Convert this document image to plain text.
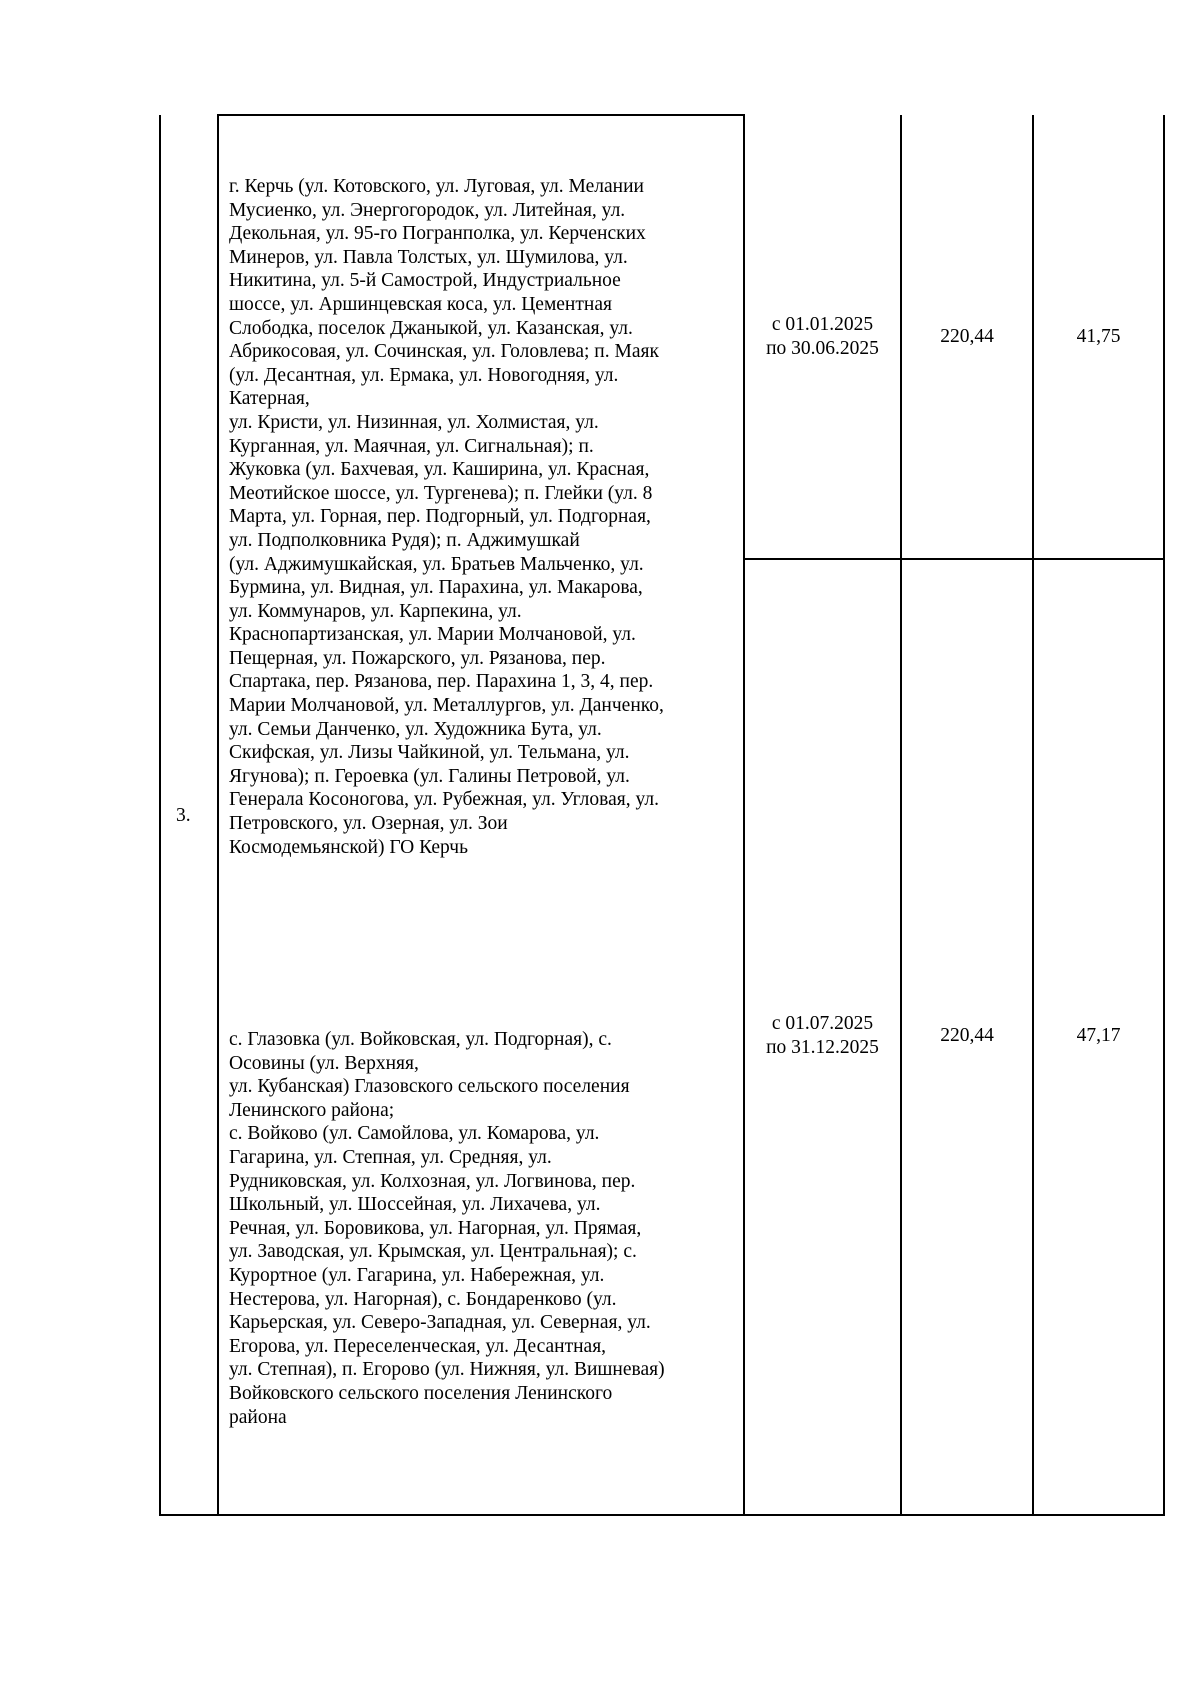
3.
г. Керчь (ул. Котовского, ул. Луговая, ул. Мелании
Мусиенко, ул. Энергогородок, ул. Литейная, ул.
Декольная, ул. 95-го Погранполка, ул. Керченских
Минеров, ул. Павла Толстых, ул. Шумилова, ул.
Никитина, ул. 5-й Самострой, Индустриальное
шоссе, ул. Аршинцевская коса, ул. Цементная
Слободка, поселок Джаныкой, ул. Казанская, ул.
Абрикосовая, ул. Сочинская, ул. Головлева; п. Маяк
(ул. Десантная, ул. Ермака, ул. Новогодняя, ул.
Катерная,
ул. Кристи, ул. Низинная, ул. Холмистая, ул.
Курганная, ул. Маячная, ул. Сигнальная); п.
Жуковка (ул. Бахчевая, ул. Каширина, ул. Красная,
Меотийское шоссе, ул. Тургенева); п. Глейки (ул. 8
Марта, ул. Горная, пер. Подгорный, ул. Подгорная,
ул. Подполковника Рудя); п. Аджимушкай
(ул. Аджимушкайская, ул. Братьев Мальченко, ул.
Бурмина, ул. Видная, ул. Парахина, ул. Макарова,
ул. Коммунаров, ул. Карпекина, ул.
Краснопартизанская, ул. Марии Молчановой, ул.
Пещерная, ул. Пожарского, ул. Рязанова, пер.
Спартака, пер. Рязанова, пер. Парахина 1, 3, 4, пер.
Марии Молчановой, ул. Металлургов, ул. Данченко,
ул. Семьи Данченко, ул. Художника Бута, ул.
Скифская, ул. Лизы Чайкиной, ул. Тельмана, ул.
Ягунова); п. Героевка (ул. Галины Петровой, ул.
Генерала Косоногова, ул. Рубежная, ул. Угловая, ул.
Петровского, ул. Озерная, ул. Зои
Космодемьянской) ГО Керчь
с. Глазовка (ул. Войковская, ул. Подгорная), с.
Осовины (ул. Верхняя,
ул. Кубанская) Глазовского сельского поселения
Ленинского района;
с. Войково (ул. Самойлова, ул. Комарова, ул.
Гагарина, ул. Степная, ул. Средняя, ул.
Рудниковская, ул. Колхозная, ул. Логвинова, пер.
Школьный, ул. Шоссейная, ул. Лихачева, ул.
Речная, ул. Боровикова, ул. Нагорная, ул. Прямая,
ул. Заводская, ул. Крымская, ул. Центральная); с.
Курортное (ул. Гагарина, ул. Набережная, ул.
Нестерова, ул. Нагорная), с. Бондаренково (ул.
Карьерская, ул. Северо-Западная, ул. Северная, ул.
Егорова, ул. Переселенческая, ул. Десантная,
ул. Степная), п. Егорово (ул. Нижняя, ул. Вишневая)
Войковского сельского поселения Ленинского
района
с 01.01.2025
по 30.06.2025
220,44	41,75
с 01.07.2025
по 31.12.2025
220,44	47,17
